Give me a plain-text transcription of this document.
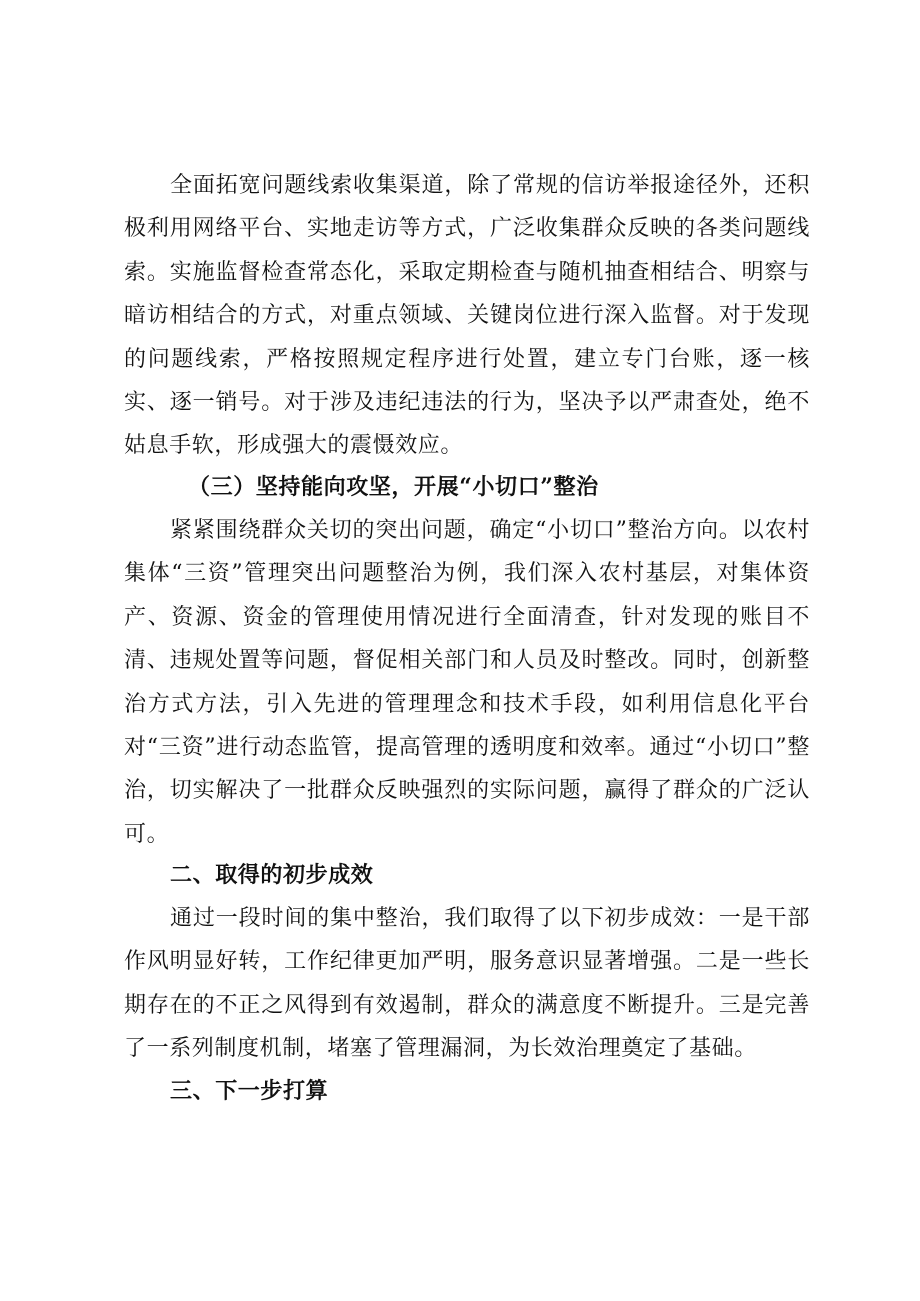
全面拓宽问题线索收集渠道，除了常规的信访举报途径外，还积极利用网络平台、实地走访等方式，广泛收集群众反映的各类问题线索。实施监督检查常态化，采取定期检查与随机抽查相结合、明察与暗访相结合的方式，对重点领域、关键岗位进行深入监督。对于发现的问题线索，严格按照规定程序进行处置，建立专门台账，逐一核实、逐一销号。对于涉及违纪违法的行为，坚决予以严肃查处，绝不姑息手软，形成强大的震慑效应。

（三）坚持能向攻坚，开展“小切口”整治

紧紧围绕群众关切的突出问题，确定“小切口”整治方向。以农村集体“三资”管理突出问题整治为例，我们深入农村基层，对集体资产、资源、资金的管理使用情况进行全面清查，针对发现的账目不清、违规处置等问题，督促相关部门和人员及时整改。同时，创新整治方式方法，引入先进的管理理念和技术手段，如利用信息化平台对“三资”进行动态监管，提高管理的透明度和效率。通过“小切口”整治，切实解决了一批群众反映强烈的实际问题，赢得了群众的广泛认可。

二、取得的初步成效

通过一段时间的集中整治，我们取得了以下初步成效：一是干部作风明显好转，工作纪律更加严明，服务意识显著增强。二是一些长期存在的不正之风得到有效遏制，群众的满意度不断提升。三是完善了一系列制度机制，堵塞了管理漏洞，为长效治理奠定了基础。

三、下一步打算
